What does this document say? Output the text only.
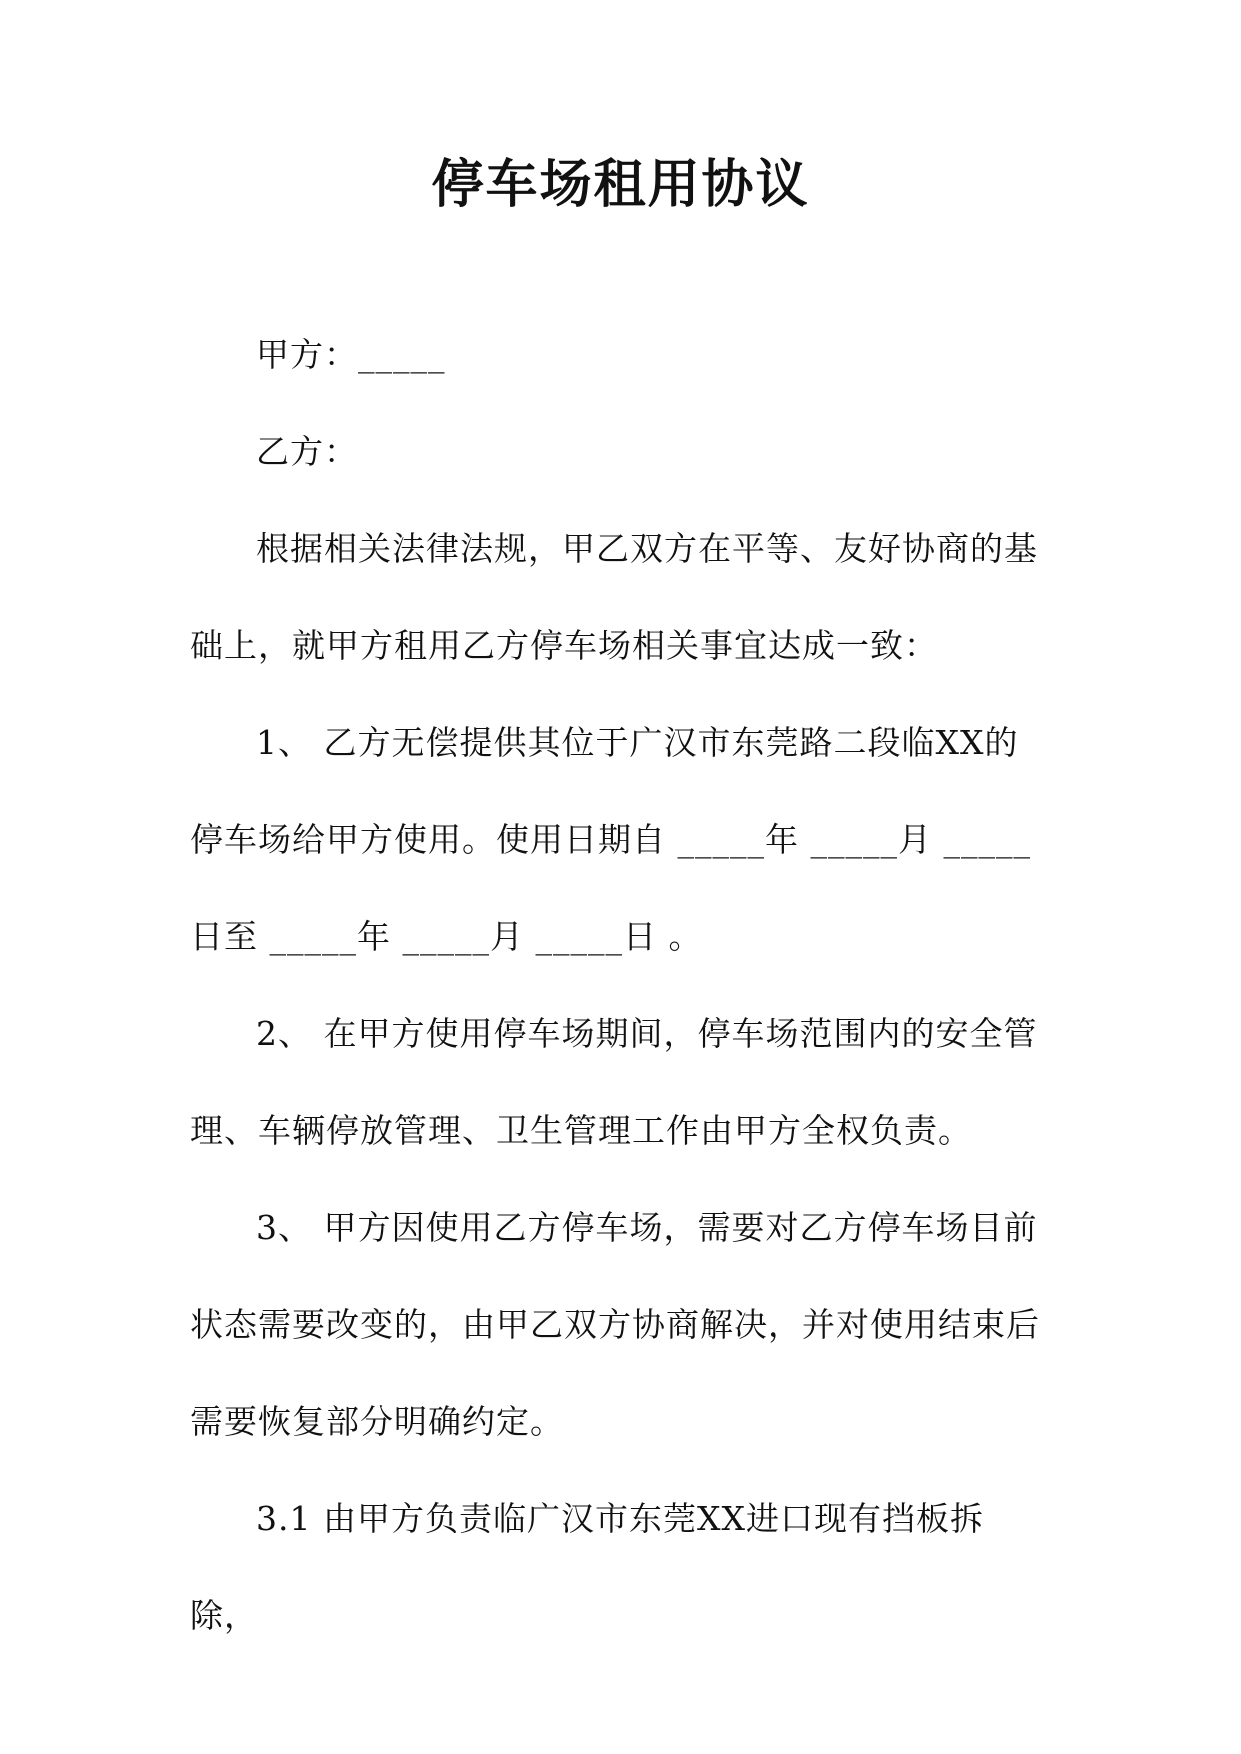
停车场租用协议

甲方：_____

乙方：

根据相关法律法规，甲乙双方在平等、友好协商的基础上，就甲方租用乙方停车场相关事宜达成一致：

1、 乙方无偿提供其位于广汉市东莞路二段临XX的停车场给甲方使用。使用日期自 _____年 _____月 _____日至 _____年 _____月 _____日 。

2、 在甲方使用停车场期间，停车场范围内的安全管理、车辆停放管理、卫生管理工作由甲方全权负责。

3、 甲方因使用乙方停车场，需要对乙方停车场目前状态需要改变的，由甲乙双方协商解决，并对使用结束后需要恢复部分明确约定。

3.1 由甲方负责临广汉市东莞XX进口现有挡板拆除，
